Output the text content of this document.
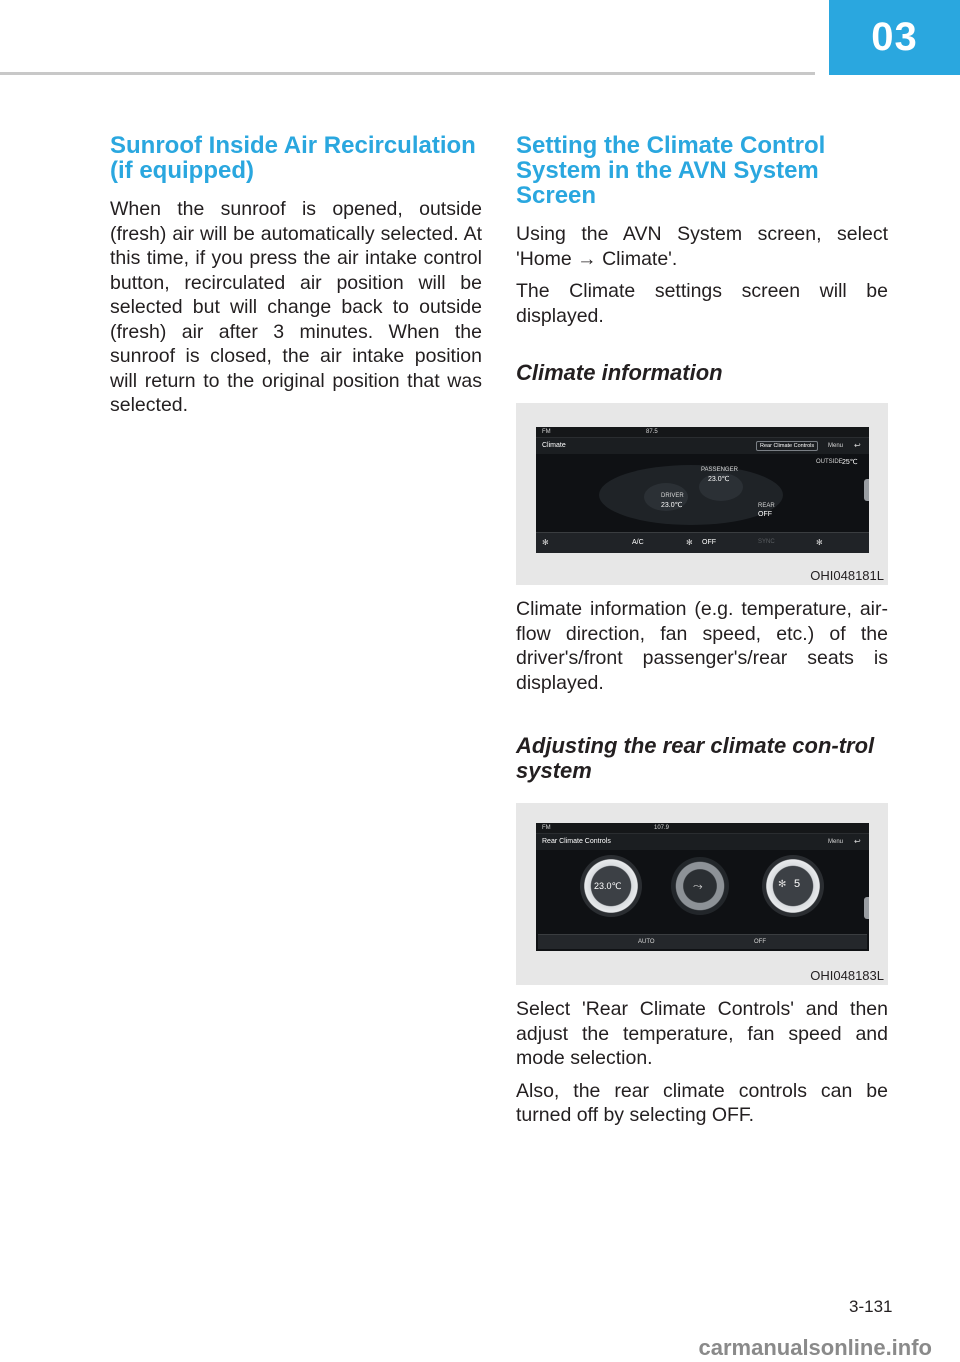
03
Sunroof Inside Air Recirculation (if equipped)

When the sunroof is opened, outside (fresh) air will be automatically selected. At this time, if you press the air intake control button, recirculated air position will be selected but will change back to outside (fresh) air after 3 minutes. When the sunroof is closed, the air intake position will return to the original position that was selected.

Setting the Climate Control System in the AVN System Screen

Using the AVN System screen, select 'Home → Climate'.

The Climate settings screen will be displayed.

Climate information
FM	87.5
Climate	Rear Climate Controls	Menu ↩
OUTSIDE 25℃
PASSENGER
23.0℃
DRIVER
23.0℃	REAR
OFF
✻	A/C	✻ OFF	SYNC	✻
OHI048181L

Climate information (e.g. temperature, air-flow direction, fan speed, etc.) of the driver's/front passenger's/rear seats is displayed.

Adjusting the rear climate con-trol system
FM	107.9
Rear Climate Controls	Menu ↩
23.0℃	⤳	✻ 5
AUTO	OFF
OHI048183L

Select 'Rear Climate Controls' and then adjust the temperature, fan speed and mode selection.

Also, the rear climate controls can be turned off by selecting OFF.

3-131
carmanualsonline.info
